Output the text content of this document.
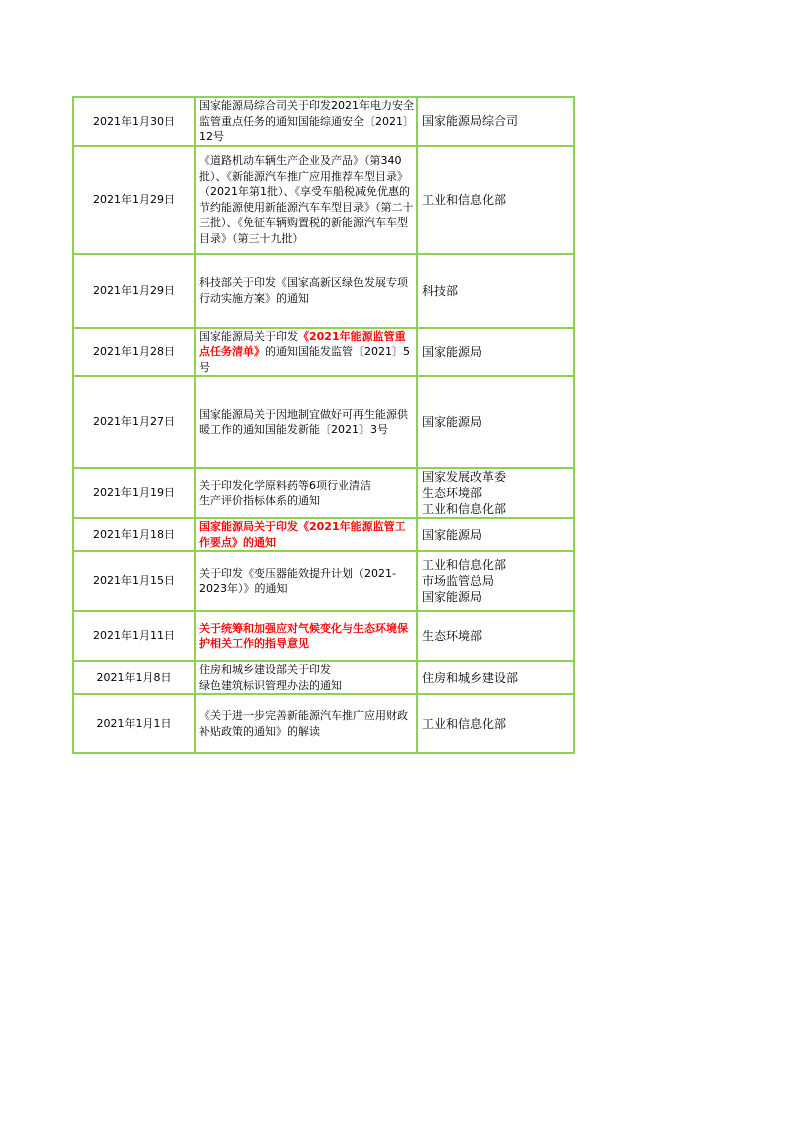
2021年1月30日	国家能源局综合司关于印发2021年电力安全监管重点任务的通知国能综通安全〔2021〕12号	国家能源局综合司

2021年1月29日	《道路机动车辆生产企业及产品》（第340批）、《新能源汽车推广应用推荐车型目录》（2021年第1批）、《享受车船税减免优惠的节约能源使用新能源汽车车型目录》（第二十三批）、《免征车辆购置税的新能源汽车车型目录》（第三十九批）	工业和信息化部

2021年1月29日	科技部关于印发《国家高新区绿色发展专项行动实施方案》的通知	科技部

2021年1月28日	国家能源局关于印发《2021年能源监管重点任务清单》的通知国能发监管〔2021〕5号	国家能源局

2021年1月27日	国家能源局关于因地制宜做好可再生能源供暖工作的通知国能发新能〔2021〕3号	国家能源局

2021年1月19日	关于印发化学原料药等6项行业清洁
生产评价指标体系的通知	国家发展改革委
生态环境部
工业和信息化部

2021年1月18日	国家能源局关于印发《2021年能源监管工作要点》的通知	国家能源局

2021年1月15日	关于印发《变压器能效提升计划（2021-2023年）》的通知	工业和信息化部
市场监管总局
国家能源局

2021年1月11日	关于统筹和加强应对气候变化与生态环境保护相关工作的指导意见	生态环境部

2021年1月8日	住房和城乡建设部关于印发
绿色建筑标识管理办法的通知	住房和城乡建设部

2021年1月1日	《关于进一步完善新能源汽车推广应用财政补贴政策的通知》的解读	工业和信息化部
